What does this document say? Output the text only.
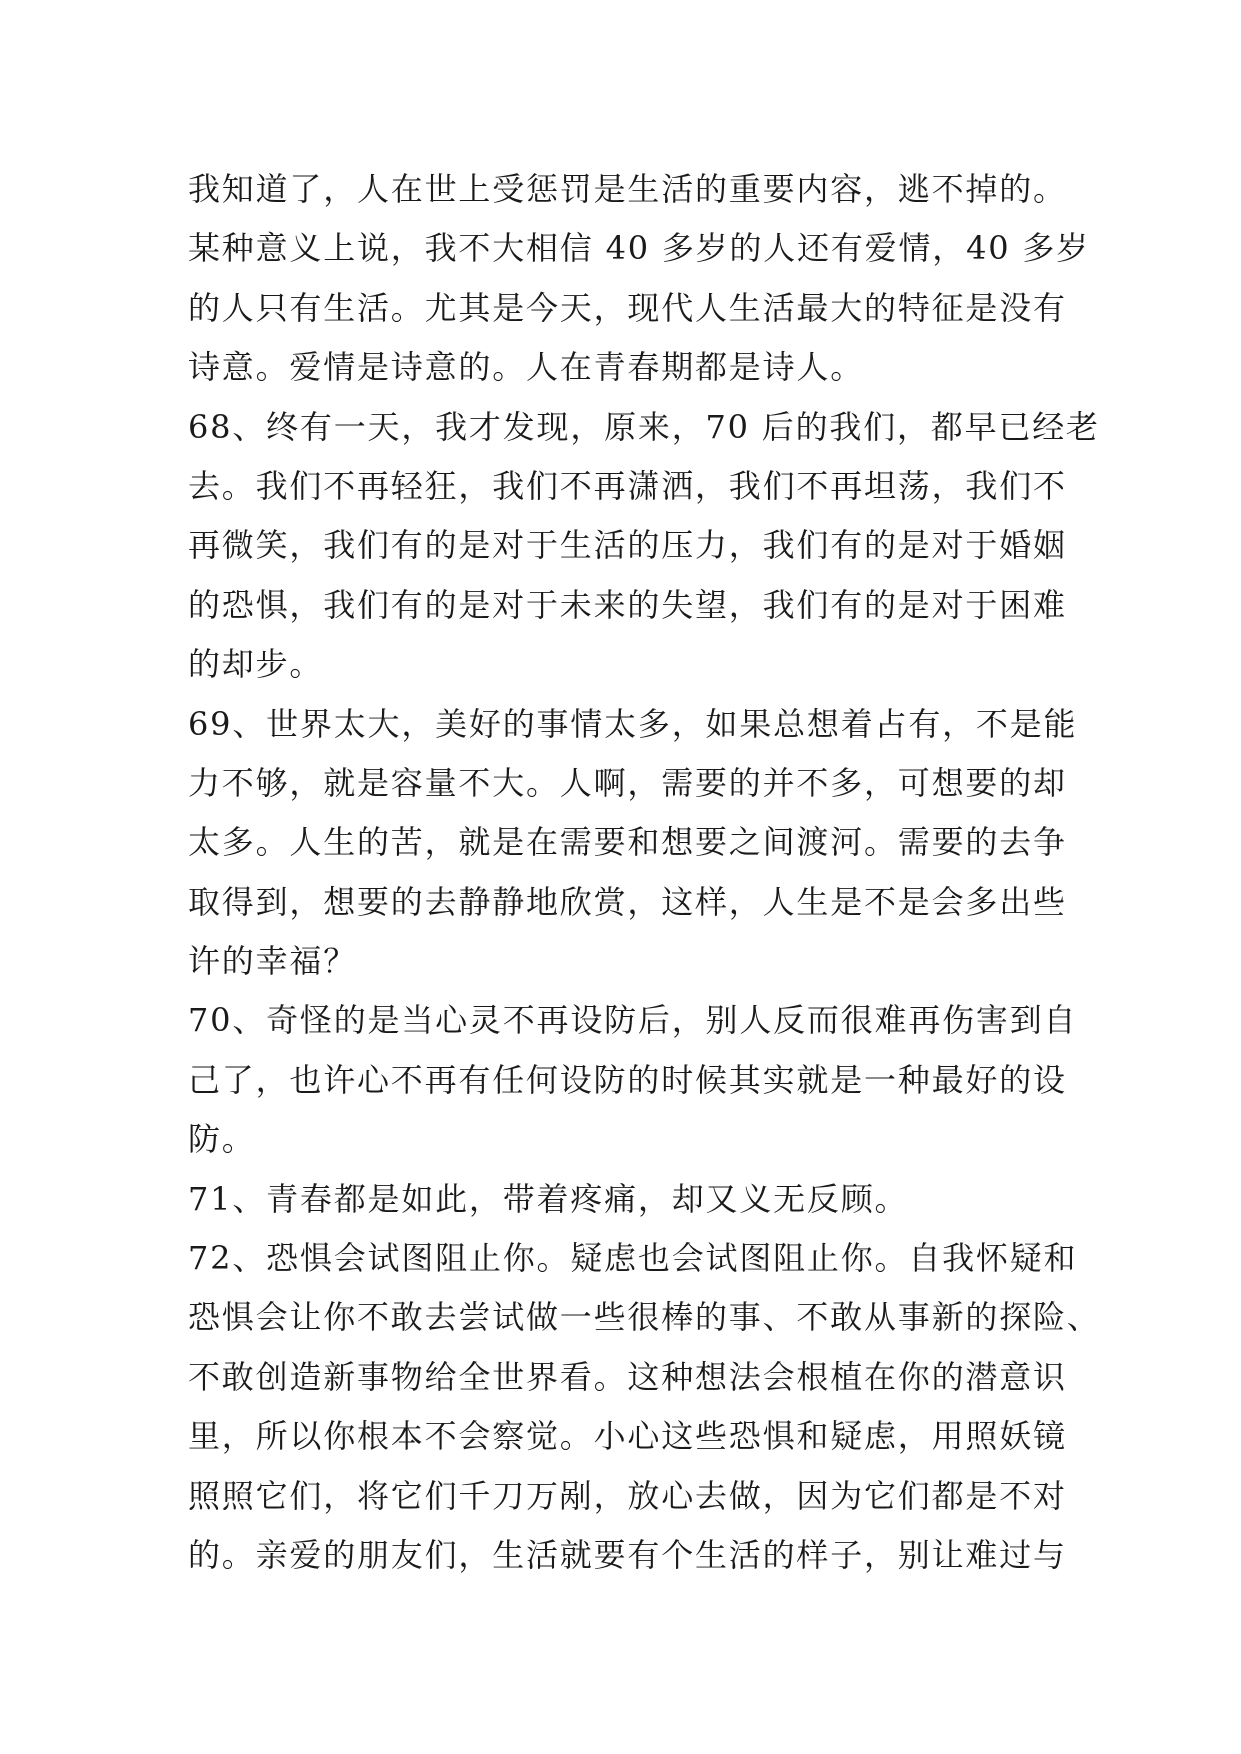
我知道了，人在世上受惩罚是生活的重要内容，逃不掉的。
某种意义上说，我不大相信 40 多岁的人还有爱情，40 多岁
的人只有生活。尤其是今天，现代人生活最大的特征是没有
诗意。爱情是诗意的。人在青春期都是诗人。
68、终有一天，我才发现，原来，70 后的我们，都早已经老
去。我们不再轻狂，我们不再潇洒，我们不再坦荡，我们不
再微笑，我们有的是对于生活的压力，我们有的是对于婚姻
的恐惧，我们有的是对于未来的失望，我们有的是对于困难
的却步。
69、世界太大，美好的事情太多，如果总想着占有，不是能
力不够，就是容量不大。人啊，需要的并不多，可想要的却
太多。人生的苦，就是在需要和想要之间渡河。需要的去争
取得到，想要的去静静地欣赏，这样，人生是不是会多出些
许的幸福？
70、奇怪的是当心灵不再设防后，别人反而很难再伤害到自
己了，也许心不再有任何设防的时候其实就是一种最好的设
防。
71、青春都是如此，带着疼痛，却又义无反顾。
72、恐惧会试图阻止你。疑虑也会试图阻止你。自我怀疑和
恐惧会让你不敢去尝试做一些很棒的事、不敢从事新的探险、
不敢创造新事物给全世界看。这种想法会根植在你的潜意识
里，所以你根本不会察觉。小心这些恐惧和疑虑，用照妖镜
照照它们，将它们千刀万剐，放心去做，因为它们都是不对
的。亲爱的朋友们，生活就要有个生活的样子，别让难过与
